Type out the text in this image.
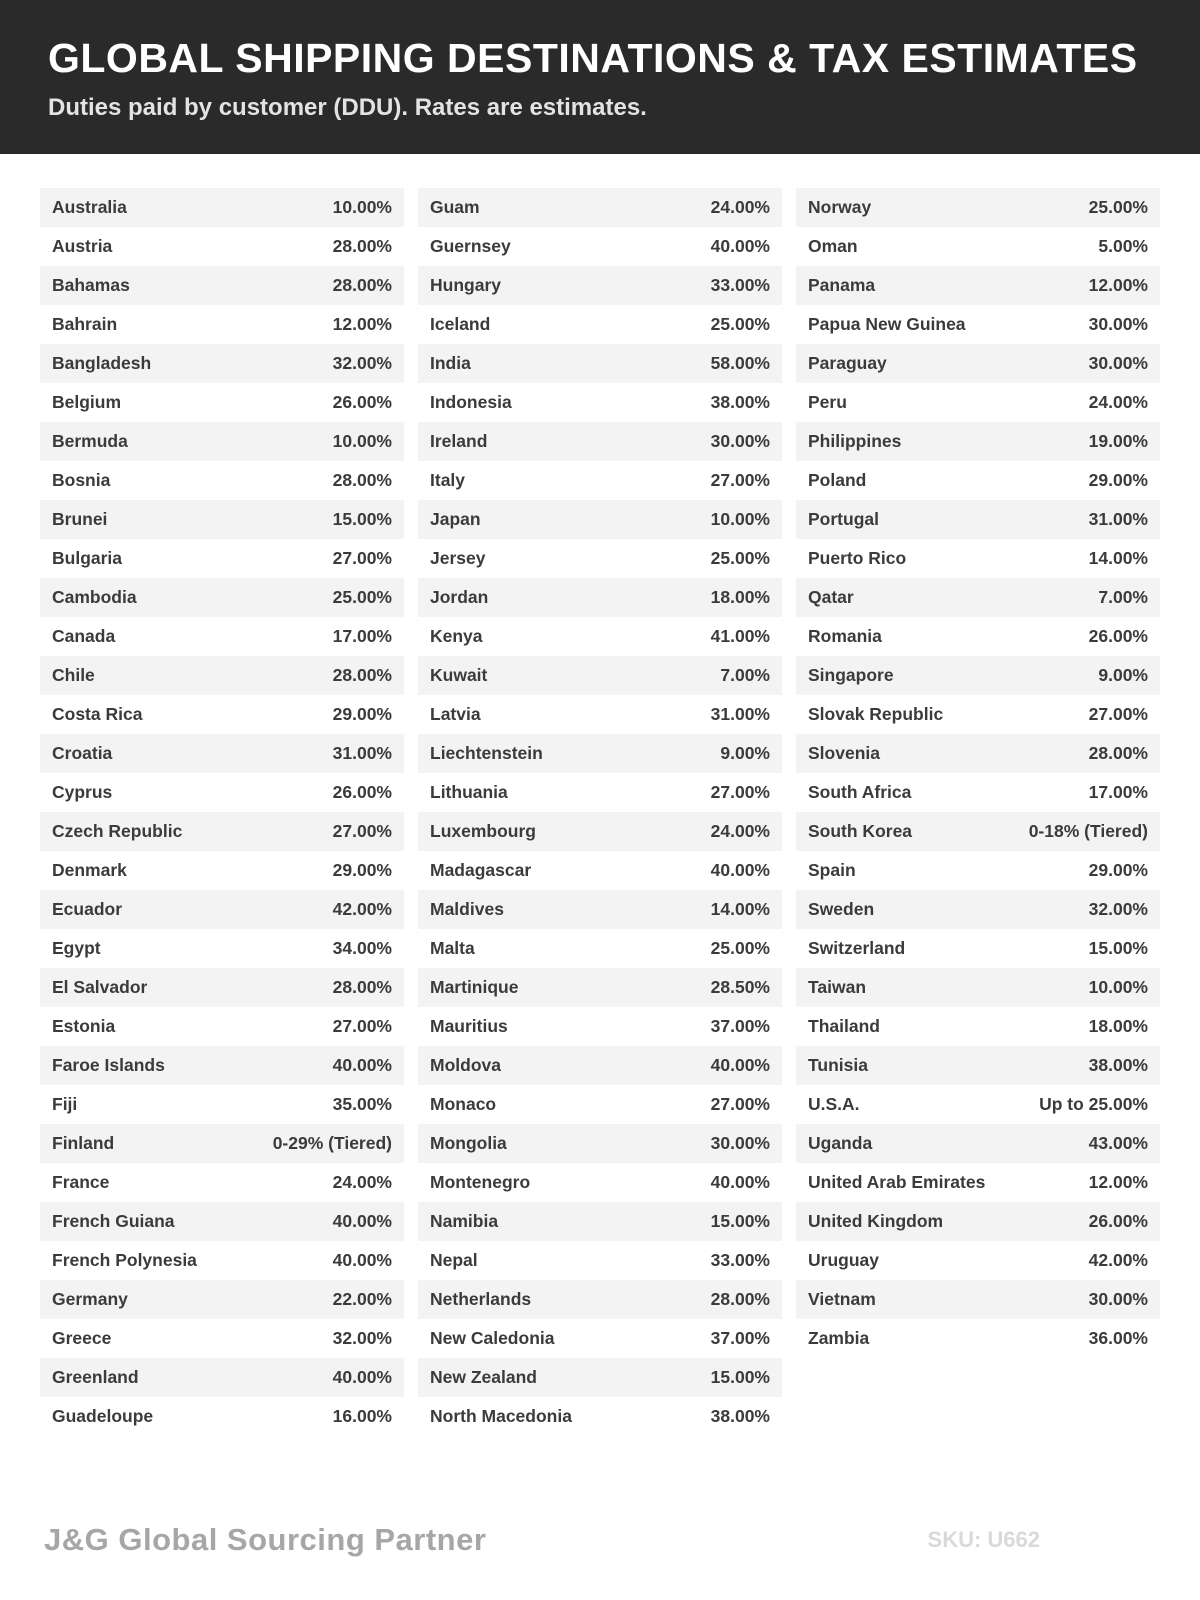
GLOBAL SHIPPING DESTINATIONS & TAX ESTIMATES
Duties paid by customer (DDU). Rates are estimates.
Australia	10.00%
Austria	28.00%
Bahamas	28.00%
Bahrain	12.00%
Bangladesh	32.00%
Belgium	26.00%
Bermuda	10.00%
Bosnia	28.00%
Brunei	15.00%
Bulgaria	27.00%
Cambodia	25.00%
Canada	17.00%
Chile	28.00%
Costa Rica	29.00%
Croatia	31.00%
Cyprus	26.00%
Czech Republic	27.00%
Denmark	29.00%
Ecuador	42.00%
Egypt	34.00%
El Salvador	28.00%
Estonia	27.00%
Faroe Islands	40.00%
Fiji	35.00%
Finland	0-29% (Tiered)
France	24.00%
French Guiana	40.00%
French Polynesia	40.00%
Germany	22.00%
Greece	32.00%
Greenland	40.00%
Guadeloupe	16.00%
Guam	24.00%
Guernsey	40.00%
Hungary	33.00%
Iceland	25.00%
India	58.00%
Indonesia	38.00%
Ireland	30.00%
Italy	27.00%
Japan	10.00%
Jersey	25.00%
Jordan	18.00%
Kenya	41.00%
Kuwait	7.00%
Latvia	31.00%
Liechtenstein	9.00%
Lithuania	27.00%
Luxembourg	24.00%
Madagascar	40.00%
Maldives	14.00%
Malta	25.00%
Martinique	28.50%
Mauritius	37.00%
Moldova	40.00%
Monaco	27.00%
Mongolia	30.00%
Montenegro	40.00%
Namibia	15.00%
Nepal	33.00%
Netherlands	28.00%
New Caledonia	37.00%
New Zealand	15.00%
North Macedonia	38.00%
Norway	25.00%
Oman	5.00%
Panama	12.00%
Papua New Guinea	30.00%
Paraguay	30.00%
Peru	24.00%
Philippines	19.00%
Poland	29.00%
Portugal	31.00%
Puerto Rico	14.00%
Qatar	7.00%
Romania	26.00%
Singapore	9.00%
Slovak Republic	27.00%
Slovenia	28.00%
South Africa	17.00%
South Korea	0-18% (Tiered)
Spain	29.00%
Sweden	32.00%
Switzerland	15.00%
Taiwan	10.00%
Thailand	18.00%
Tunisia	38.00%
U.S.A.	Up to 25.00%
Uganda	43.00%
United Arab Emirates	12.00%
United Kingdom	26.00%
Uruguay	42.00%
Vietnam	30.00%
Zambia	36.00%
J&G Global Sourcing Partner	SKU: U662
